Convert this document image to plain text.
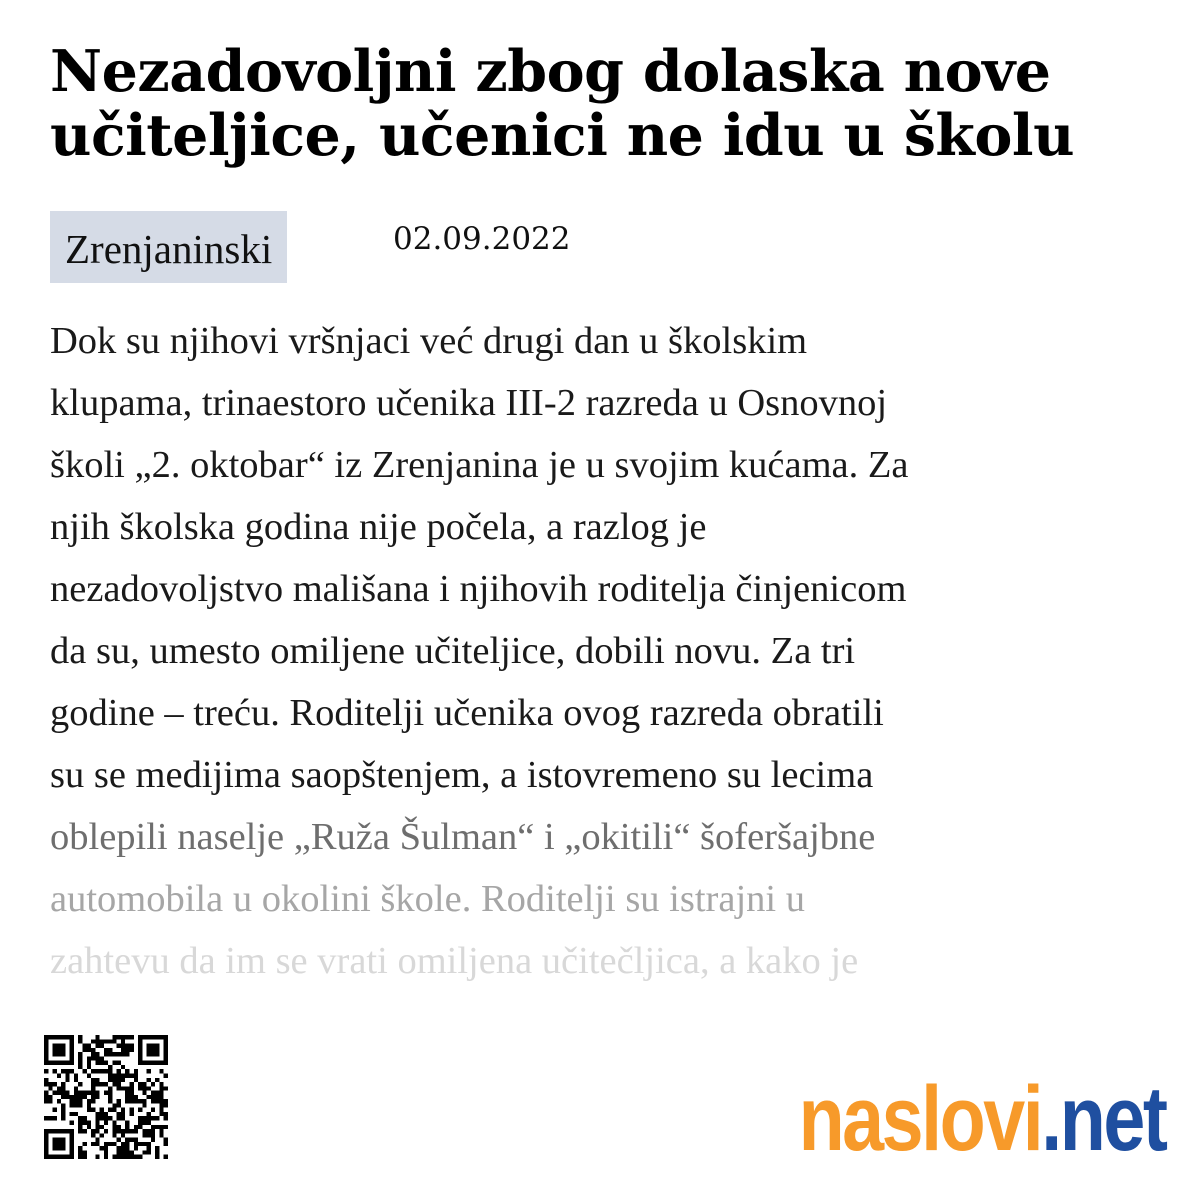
Nezadovoljni zbog dolaska nove učiteljice, učenici ne idu u školu
Zrenjaninski	02.09.2022
Dok su njihovi vršnjaci već drugi dan u školskim
klupama, trinaestoro učenika III-2 razreda u Osnovnoj
školi „2. oktobar“ iz Zrenjanina je u svojim kućama. Za
njih školska godina nije počela, a razlog je
nezadovoljstvo mališana i njihovih roditelja činjenicom
da su, umesto omiljene učiteljice, dobili novu. Za tri
godine – treću. Roditelji učenika ovog razreda obratili
su se medijima saopštenjem, a istovremeno su lecima
oblepili naselje „Ruža Šulman“ i „okitili“ šoferšajbne
automobila u okolini škole. Roditelji su istrajni u
zahtevu da im se vrati omiljena učitečljica, a kako je
naslovi.net
